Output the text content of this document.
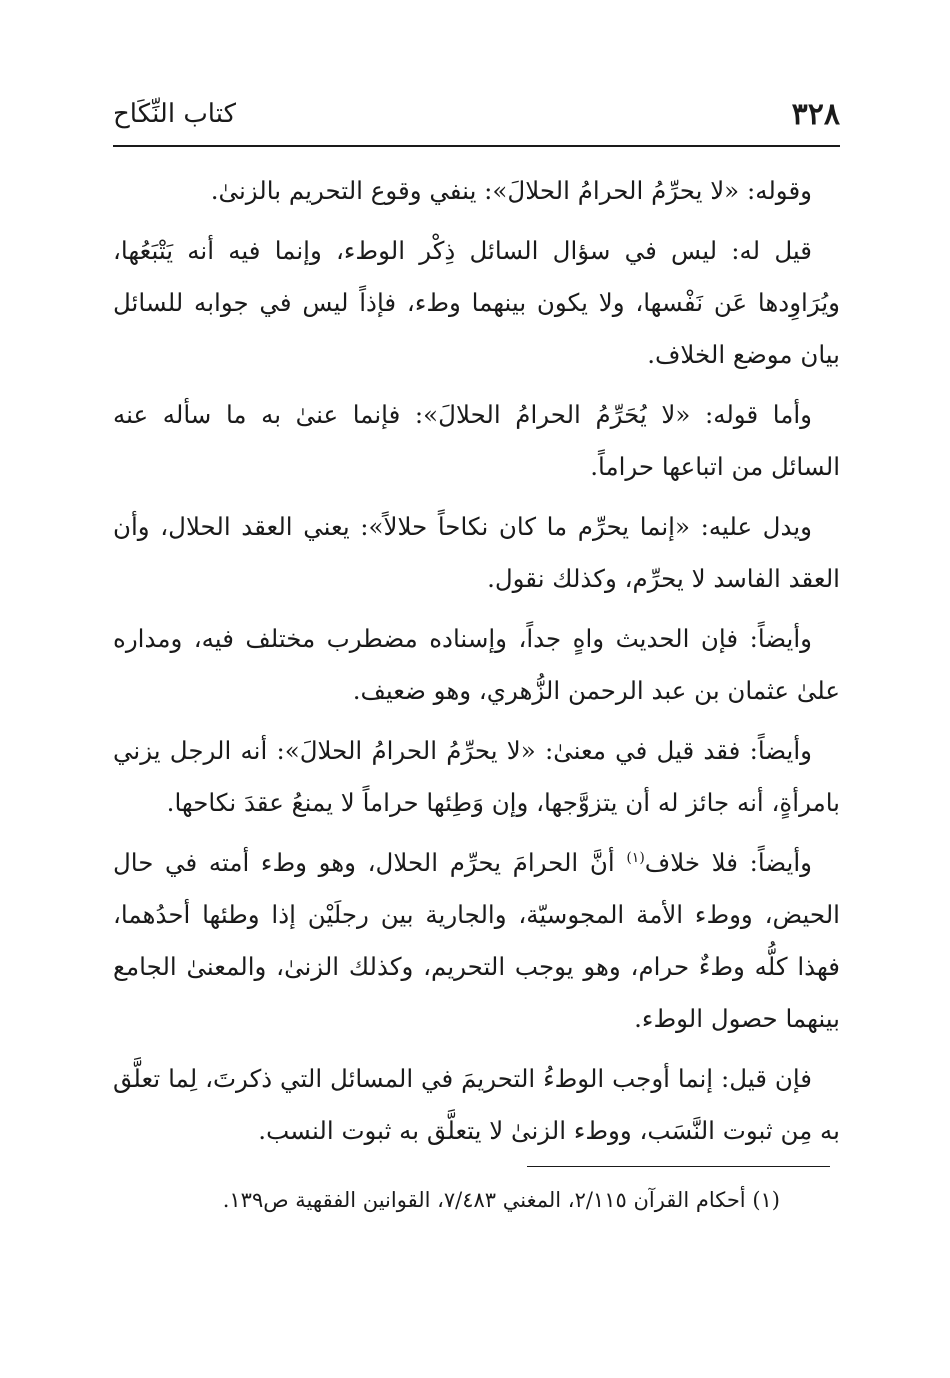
٣٢٨
كتاب النِّكَاح

وقوله: «لا يحرِّمُ الحرامُ الحلالَ»: ينفي وقوع التحريم بالزنىٰ.

قيل له: ليس في سؤال السائل ذِكْر الوطء، وإنما فيه أنه يَتْبَعُها، ويُرَاوِدها عَن نَفْسها، ولا يكون بينهما وطء، فإذاً ليس في جوابه للسائل بيان موضع الخلاف.

وأما قوله: «لا يُحَرِّمُ الحرامُ الحلالَ»: فإنما عنىٰ به ما سأله عنه السائل من اتباعها حراماً.

ويدل عليه: «إنما يحرِّم ما كان نكاحاً حلالاً»: يعني العقد الحلال، وأن العقد الفاسد لا يحرِّم، وكذلك نقول.

وأيضاً: فإن الحديث واهٍ جداً، وإسناده مضطرب مختلف فيه، ومداره علىٰ عثمان بن عبد الرحمن الزُّهري، وهو ضعيف.

وأيضاً: فقد قيل في معنىٰ: «لا يحرِّمُ الحرامُ الحلالَ»: أنه الرجل يزني بامرأةٍ، أنه جائز له أن يتزوَّجها، وإن وَطِئها حراماً لا يمنعُ عقدَ نكاحها.

وأيضاً: فلا خلاف$^{(١)}$ أنَّ الحرامَ يحرِّم الحلال، وهو وطء أمته في حال الحيض، ووطء الأمة المجوسيّة، والجارية بين رجلَيْن إذا وطئها أحدُهما، فهذا كلُّه وطءٌ حرام، وهو يوجب التحريم، وكذلك الزنىٰ، والمعنىٰ الجامع بينهما حصول الوطء.

فإن قيل: إنما أوجب الوطءُ التحريمَ في المسائل التي ذكرتَ، لِما تعلَّق به مِن ثبوت النَّسَب، ووطء الزنىٰ لا يتعلَّق به ثبوت النسب.

(١) أحكام القرآن ٢/١١٥، المغني ٧/٤٨٣، القوانين الفقهية ص١٣٩.
